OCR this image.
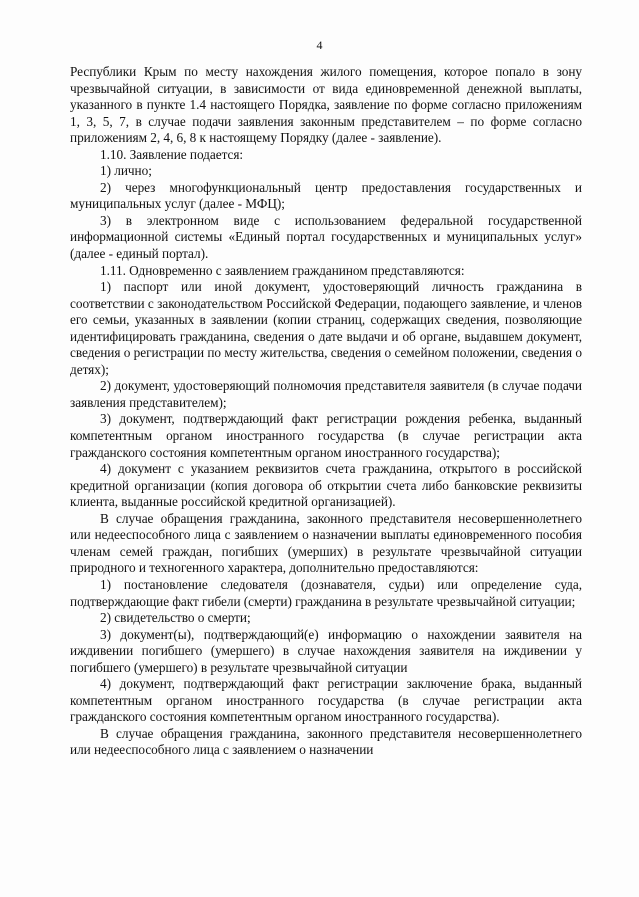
4

Республики Крым по месту нахождения жилого помещения, которое попало в зону чрезвычайной ситуации, в зависимости от вида единовременной денежной выплаты, указанного в пункте 1.4 настоящего Порядка, заявление по форме согласно приложениям 1, 3, 5, 7, в случае подачи заявления законным представителем – по форме согласно приложениям 2, 4, 6, 8 к настоящему Порядку (далее - заявление).

1.10. Заявление подается:

1) лично;

2) через многофункциональный центр предоставления государственных и муниципальных услуг (далее - МФЦ);

3) в электронном виде с использованием федеральной государственной информационной системы «Единый портал государственных и муниципальных услуг» (далее - единый портал).

1.11. Одновременно с заявлением гражданином представляются:

1) паспорт или иной документ, удостоверяющий личность гражданина в соответствии с законодательством Российской Федерации, подающего заявление, и членов его семьи, указанных в заявлении (копии страниц, содержащих сведения, позволяющие идентифицировать гражданина, сведения о дате выдачи и об органе, выдавшем документ, сведения о регистрации по месту жительства, сведения о семейном положении, сведения о детях);

2) документ, удостоверяющий полномочия представителя заявителя (в случае подачи заявления представителем);

3) документ, подтверждающий факт регистрации рождения ребенка, выданный компетентным органом иностранного государства (в случае регистрации акта гражданского состояния компетентным органом иностранного государства);

4) документ с указанием реквизитов счета гражданина, открытого в российской кредитной организации (копия договора об открытии счета либо банковские реквизиты клиента, выданные российской кредитной организацией).

В случае обращения гражданина, законного представителя несовершеннолетнего или недееспособного лица с заявлением о назначении выплаты единовременного пособия членам семей граждан, погибших (умерших) в результате чрезвычайной ситуации природного и техногенного характера, дополнительно предоставляются:

1) постановление следователя (дознавателя, судьи) или определение суда, подтверждающие факт гибели (смерти) гражданина в результате чрезвычайной ситуации;

2) свидетельство о смерти;

3) документ(ы), подтверждающий(е) информацию о нахождении заявителя на иждивении погибшего (умершего) в случае нахождения заявителя на иждивении у погибшего (умершего) в результате чрезвычайной ситуации

4) документ, подтверждающий факт регистрации заключение брака, выданный компетентным органом иностранного государства (в случае регистрации акта гражданского состояния компетентным органом иностранного государства).

В случае обращения гражданина, законного представителя несовершеннолетнего или недееспособного лица с заявлением о назначении
